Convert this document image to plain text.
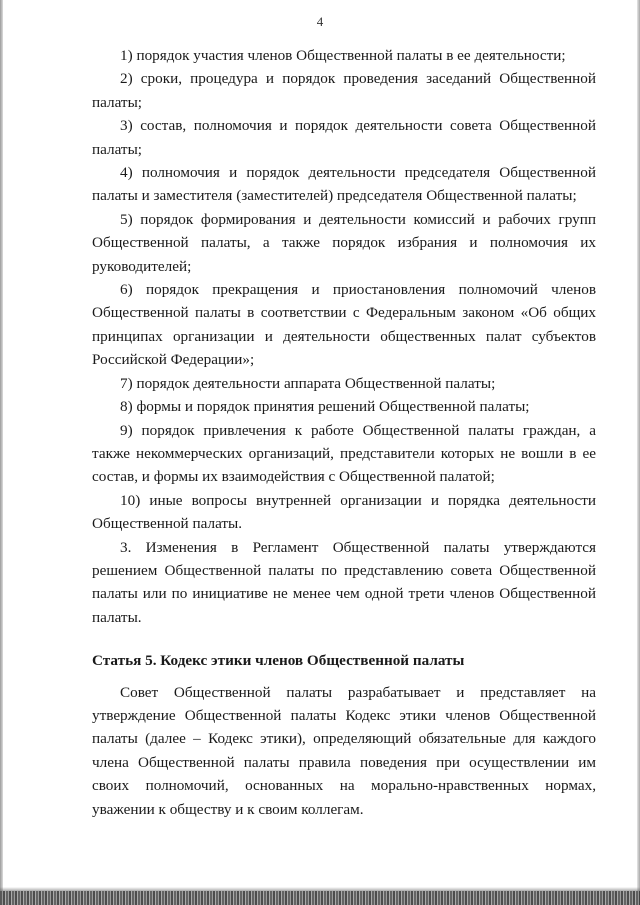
4

1) порядок участия членов Общественной палаты в ее деятельности;

2) сроки, процедура и порядок проведения заседаний Общественной палаты;

3) состав, полномочия и порядок деятельности совета Общественной палаты;

4) полномочия и порядок деятельности председателя Общественной палаты и заместителя (заместителей) председателя Общественной палаты;

5) порядок формирования и деятельности комиссий и рабочих групп Общественной палаты, а также порядок избрания и полномочия их руководителей;

6) порядок прекращения и приостановления полномочий членов Общественной палаты в соответствии с Федеральным законом «Об общих принципах организации и деятельности общественных палат субъектов Российской Федерации»;

7) порядок деятельности аппарата Общественной палаты;

8) формы и порядок принятия решений Общественной палаты;

9) порядок привлечения к работе Общественной палаты граждан, а также некоммерческих организаций, представители которых не вошли в ее состав, и формы их взаимодействия с Общественной палатой;

10) иные вопросы внутренней организации и порядка деятельности Общественной палаты.

3. Изменения в Регламент Общественной палаты утверждаются решением Общественной палаты по представлению совета Общественной палаты или по инициативе не менее чем одной трети членов Общественной палаты.

Статья 5. Кодекс этики членов Общественной палаты

Совет Общественной палаты разрабатывает и представляет на утверждение Общественной палаты Кодекс этики членов Общественной палаты (далее – Кодекс этики), определяющий обязательные для каждого члена Общественной палаты правила поведения при осуществлении им своих полномочий, основанных на морально-нравственных нормах, уважении к обществу и к своим коллегам.
